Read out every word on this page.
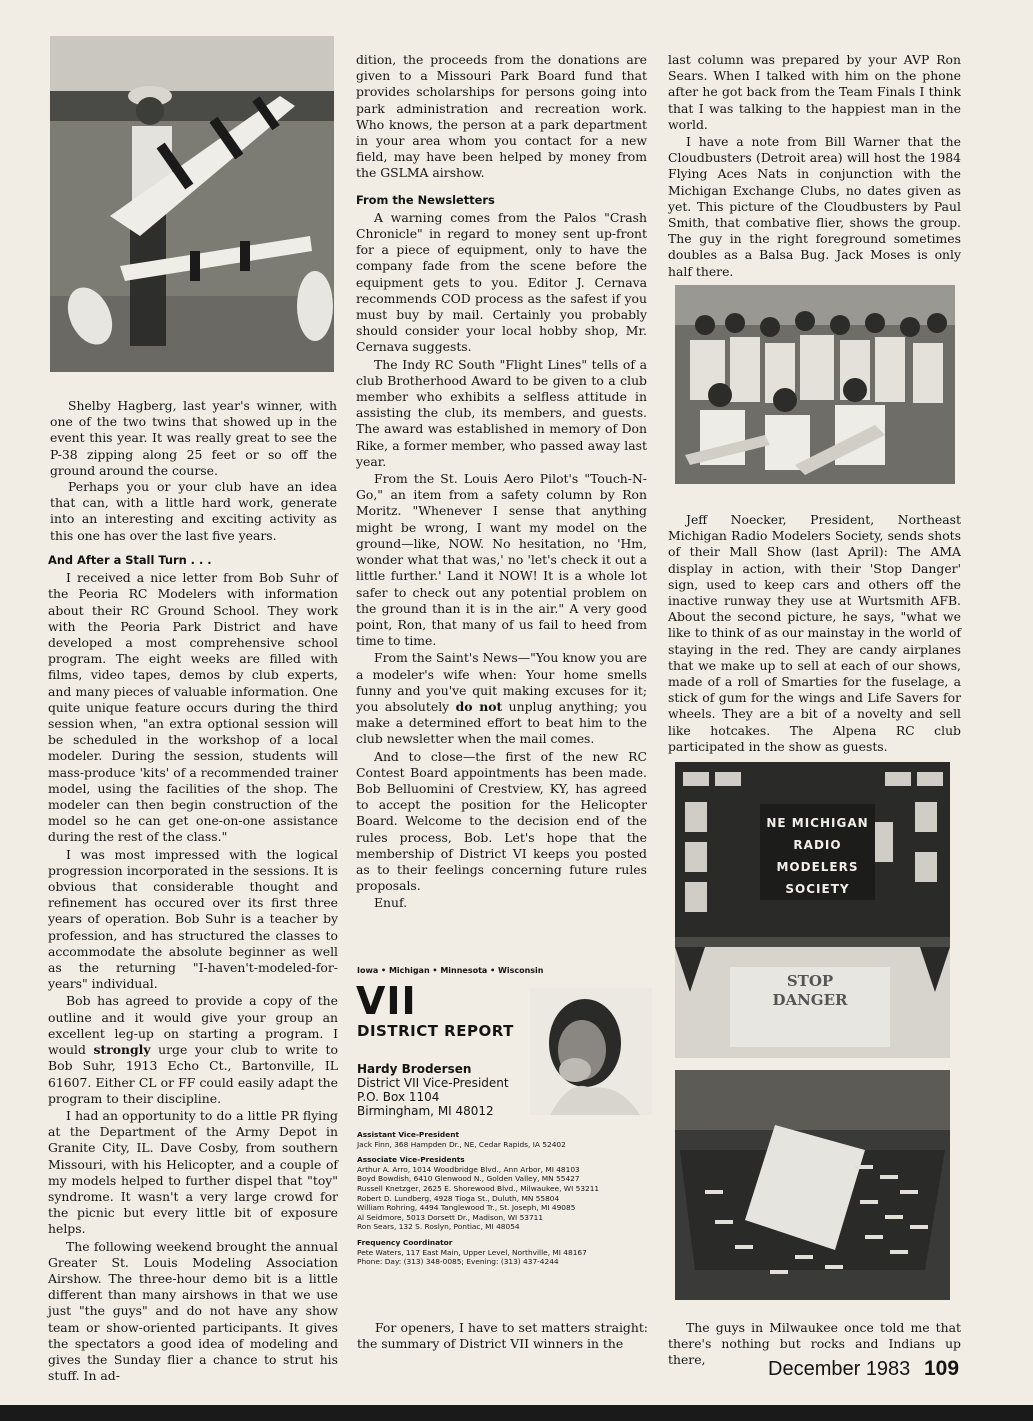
Shelby Hagberg, last year's winner, with one of the two twins that showed up in the event this year. It was really great to see the P-38 zipping along 25 feet or so off the ground around the course.

Perhaps you or your club have an idea that can, with a little hard work, generate into an interesting and exciting activity as this one has over the last five years.

And After a Stall Turn . . .

I received a nice letter from Bob Suhr of the Peoria RC Modelers with information about their RC Ground School. They work with the Peoria Park District and have developed a most comprehensive school program. The eight weeks are filled with films, video tapes, demos by club experts, and many pieces of valuable information. One quite unique feature occurs during the third session when, "an extra optional session will be scheduled in the workshop of a local modeler. During the session, students will mass-produce 'kits' of a recommended trainer model, using the facilities of the shop. The modeler can then begin construction of the model so he can get one-on-one assistance during the rest of the class."

I was most impressed with the logical progression incorporated in the sessions. It is obvious that considerable thought and refinement has occured over its first three years of operation. Bob Suhr is a teacher by profession, and has structured the classes to accommodate the absolute beginner as well as the returning "I-haven't-modeled-for-years" individual.

Bob has agreed to provide a copy of the outline and it would give your group an excellent leg-up on starting a program. I would strongly urge your club to write to Bob Suhr, 1913 Echo Ct., Bartonville, IL 61607. Either CL or FF could easily adapt the program to their discipline.

I had an opportunity to do a little PR flying at the Department of the Army Depot in Granite City, IL. Dave Cosby, from southern Missouri, with his Helicopter, and a couple of my models helped to further dispel that "toy" syndrome. It wasn't a very large crowd for the picnic but every little bit of exposure helps.

The following weekend brought the annual Greater St. Louis Modeling Association Airshow. The three-hour demo bit is a little different than many airshows in that we use just "the guys" and do not have any show team or show-oriented participants. It gives the spectators a good idea of modeling and gives the Sunday flier a chance to strut his stuff. In ad-

dition, the proceeds from the donations are given to a Missouri Park Board fund that provides scholarships for persons going into park administration and recreation work. Who knows, the person at a park department in your area whom you contact for a new field, may have been helped by money from the GSLMA airshow.

From the Newsletters

A warning comes from the Palos "Crash Chronicle" in regard to money sent up-front for a piece of equipment, only to have the company fade from the scene before the equipment gets to you. Editor J. Cernava recommends COD process as the safest if you must buy by mail. Certainly you probably should consider your local hobby shop, Mr. Cernava suggests.

The Indy RC South "Flight Lines" tells of a club Brotherhood Award to be given to a club member who exhibits a selfless attitude in assisting the club, its members, and guests. The award was established in memory of Don Rike, a former member, who passed away last year.

From the St. Louis Aero Pilot's "Touch-N-Go," an item from a safety column by Ron Moritz. "Whenever I sense that anything might be wrong, I want my model on the ground—like, NOW. No hesitation, no 'Hm, wonder what that was,' no 'let's check it out a little further.' Land it NOW! It is a whole lot safer to check out any potential problem on the ground than it is in the air." A very good point, Ron, that many of us fail to heed from time to time.

From the Saint's News—"You know you are a modeler's wife when: Your home smells funny and you've quit making excuses for it; you absolutely do not unplug anything; you make a determined effort to beat him to the club newsletter when the mail comes.

And to close—the first of the new RC Contest Board appointments has been made. Bob Belluomini of Crestview, KY, has agreed to accept the position for the Helicopter Board. Welcome to the decision end of the rules process, Bob. Let's hope that the membership of District VI keeps you posted as to their feelings concerning future rules proposals.

Enuf.

Iowa • Michigan • Minnesota • Wisconsin
VII
DISTRICT REPORT
Hardy Brodersen
District VII Vice-President
P.O. Box 1104
Birmingham, MI 48012
Assistant Vice-President
Jack Finn, 368 Hampden Dr., NE, Cedar Rapids, IA 52402
Associate Vice-Presidents
Arthur A. Arro, 1014 Woodbridge Blvd., Ann Arbor, MI 48103
Boyd Bowdish, 6410 Glenwood N., Golden Valley, MN 55427
Russell Knetzger, 2625 E. Shorewood Blvd., Milwaukee, WI 53211
Robert D. Lundberg, 4928 Tioga St., Duluth, MN 55804
William Rohring, 4494 Tanglewood Tr., St. Joseph, MI 49085
Al Seidmore, 5013 Dorsett Dr., Madison, WI 53711
Ron Sears, 132 S. Roslyn, Pontiac, MI 48054
Frequency Coordinator
Pete Waters, 117 East Main, Upper Level, Northville, MI 48167
Phone: Day: (313) 348-0085; Evening: (313) 437-4244

For openers, I have to set matters straight: the summary of District VII winners in the

last column was prepared by your AVP Ron Sears. When I talked with him on the phone after he got back from the Team Finals I think that I was talking to the happiest man in the world.

I have a note from Bill Warner that the Cloudbusters (Detroit area) will host the 1984 Flying Aces Nats in conjunction with the Michigan Exchange Clubs, no dates given as yet. This picture of the Cloudbusters by Paul Smith, that combative flier, shows the group. The guy in the right foreground sometimes doubles as a Balsa Bug. Jack Moses is only half there.

Jeff Noecker, President, Northeast Michigan Radio Modelers Society, sends shots of their Mall Show (last April): The AMA display in action, with their 'Stop Danger' sign, used to keep cars and others off the inactive runway they use at Wurtsmith AFB. About the second picture, he says, "what we like to think of as our mainstay in the world of staying in the red. They are candy airplanes that we make up to sell at each of our shows, made of a roll of Smarties for the fuselage, a stick of gum for the wings and Life Savers for wheels. They are a bit of a novelty and sell like hotcakes. The Alpena RC club participated in the show as guests.

NE MICHIGAN
RADIO MODELERS
SOCIETY
STOP
DANGER

The guys in Milwaukee once told me that there's nothing but rocks and Indians up there,	December 1983 109
